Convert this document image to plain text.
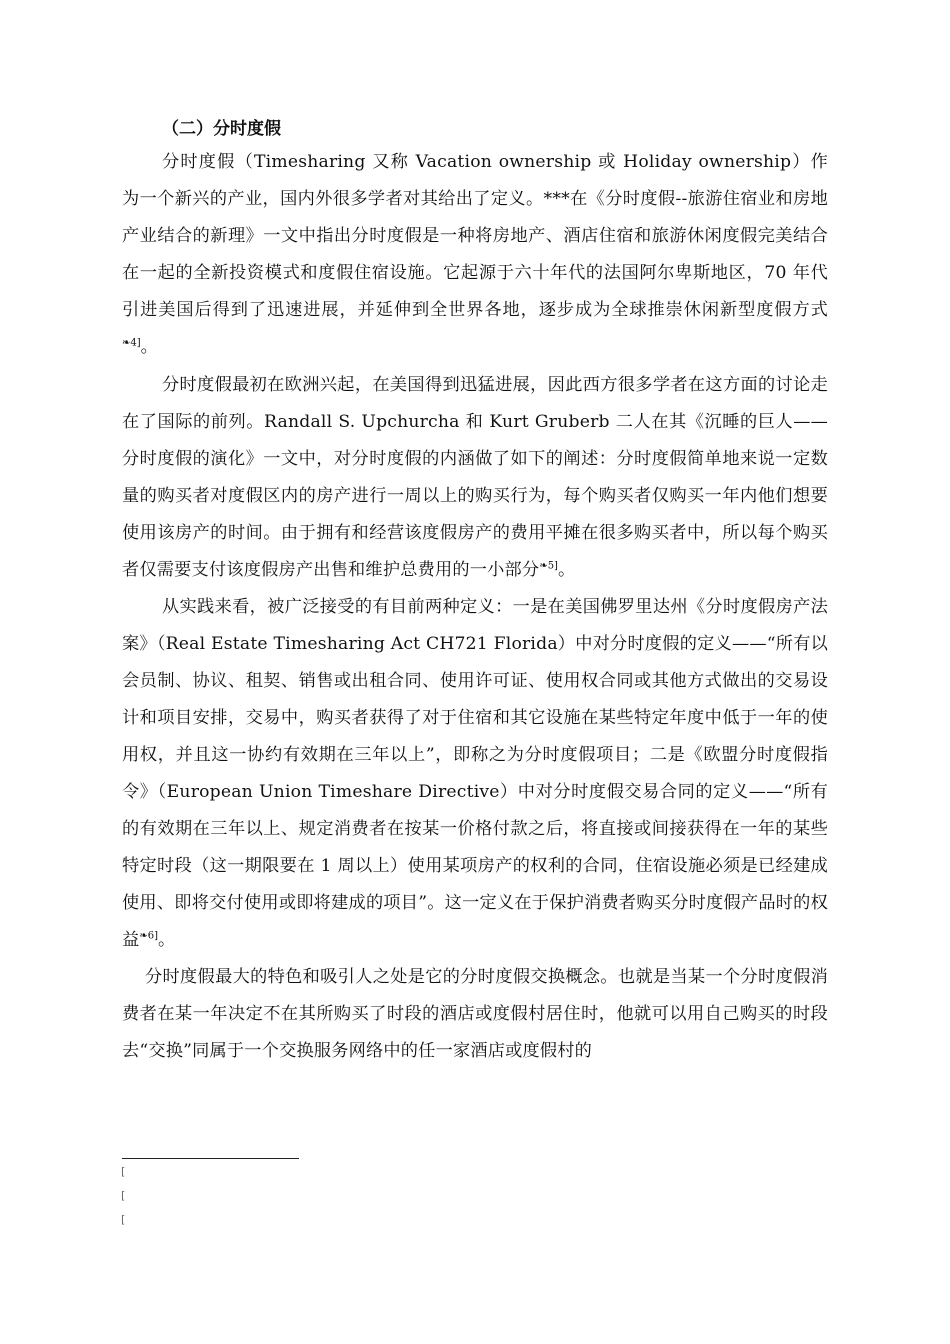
（二）分时度假

分时度假（Timesharing 又称 Vacation ownership 或 Holiday ownership）作为一个新兴的产业，国内外很多学者对其给出了定义。***在《分时度假--旅游住宿业和房地产业结合的新理》一文中指出分时度假是一种将房地产、酒店住宿和旅游休闲度假完美结合在一起的全新投资模式和度假住宿设施。它起源于六十年代的法国阿尔卑斯地区，70 年代引进美国后得到了迅速进展，并延伸到全世界各地，逐步成为全球推崇休闲新型度假方式$^{❧4]}$。

分时度假最初在欧洲兴起，在美国得到迅猛进展，因此西方很多学者在这方面的讨论走在了国际的前列。Randall S. Upchurcha 和 Kurt Gruberb 二人在其《沉睡的巨人——分时度假的演化》一文中，对分时度假的内涵做了如下的阐述：分时度假简单地来说一定数量的购买者对度假区内的房产进行一周以上的购买行为，每个购买者仅购买一年内他们想要使用该房产的时间。由于拥有和经营该度假房产的费用平摊在很多购买者中，所以每个购买者仅需要支付该度假房产出售和维护总费用的一小部分$^{❧5]}$。

从实践来看，被广泛接受的有目前两种定义：一是在美国佛罗里达州《分时度假房产法案》（Real Estate Timesharing Act CH721 Florida）中对分时度假的定义——“所有以会员制、协议、租契、销售或出租合同、使用许可证、使用权合同或其他方式做出的交易设计和项目安排，交易中，购买者获得了对于住宿和其它设施在某些特定年度中低于一年的使用权，并且这一协约有效期在三年以上”，即称之为分时度假项目；二是《欧盟分时度假指令》（European Union Timeshare Directive）中对分时度假交易合同的定义——“所有的有效期在三年以上、规定消费者在按某一价格付款之后，将直接或间接获得在一年的某些特定时段（这一期限要在 1 周以上）使用某项房产的权利的合同，住宿设施必须是已经建成使用、即将交付使用或即将建成的项目”。这一定义在于保护消费者购买分时度假产品时的权益$^{❧6]}$。

分时度假最大的特色和吸引人之处是它的分时度假交换概念。也就是当某一个分时度假消费者在某一年决定不在其所购买了时段的酒店或度假村居住时，他就可以用自己购买的时段去“交换”同属于一个交换服务网络中的任一家酒店或度假村的

[
[
[
